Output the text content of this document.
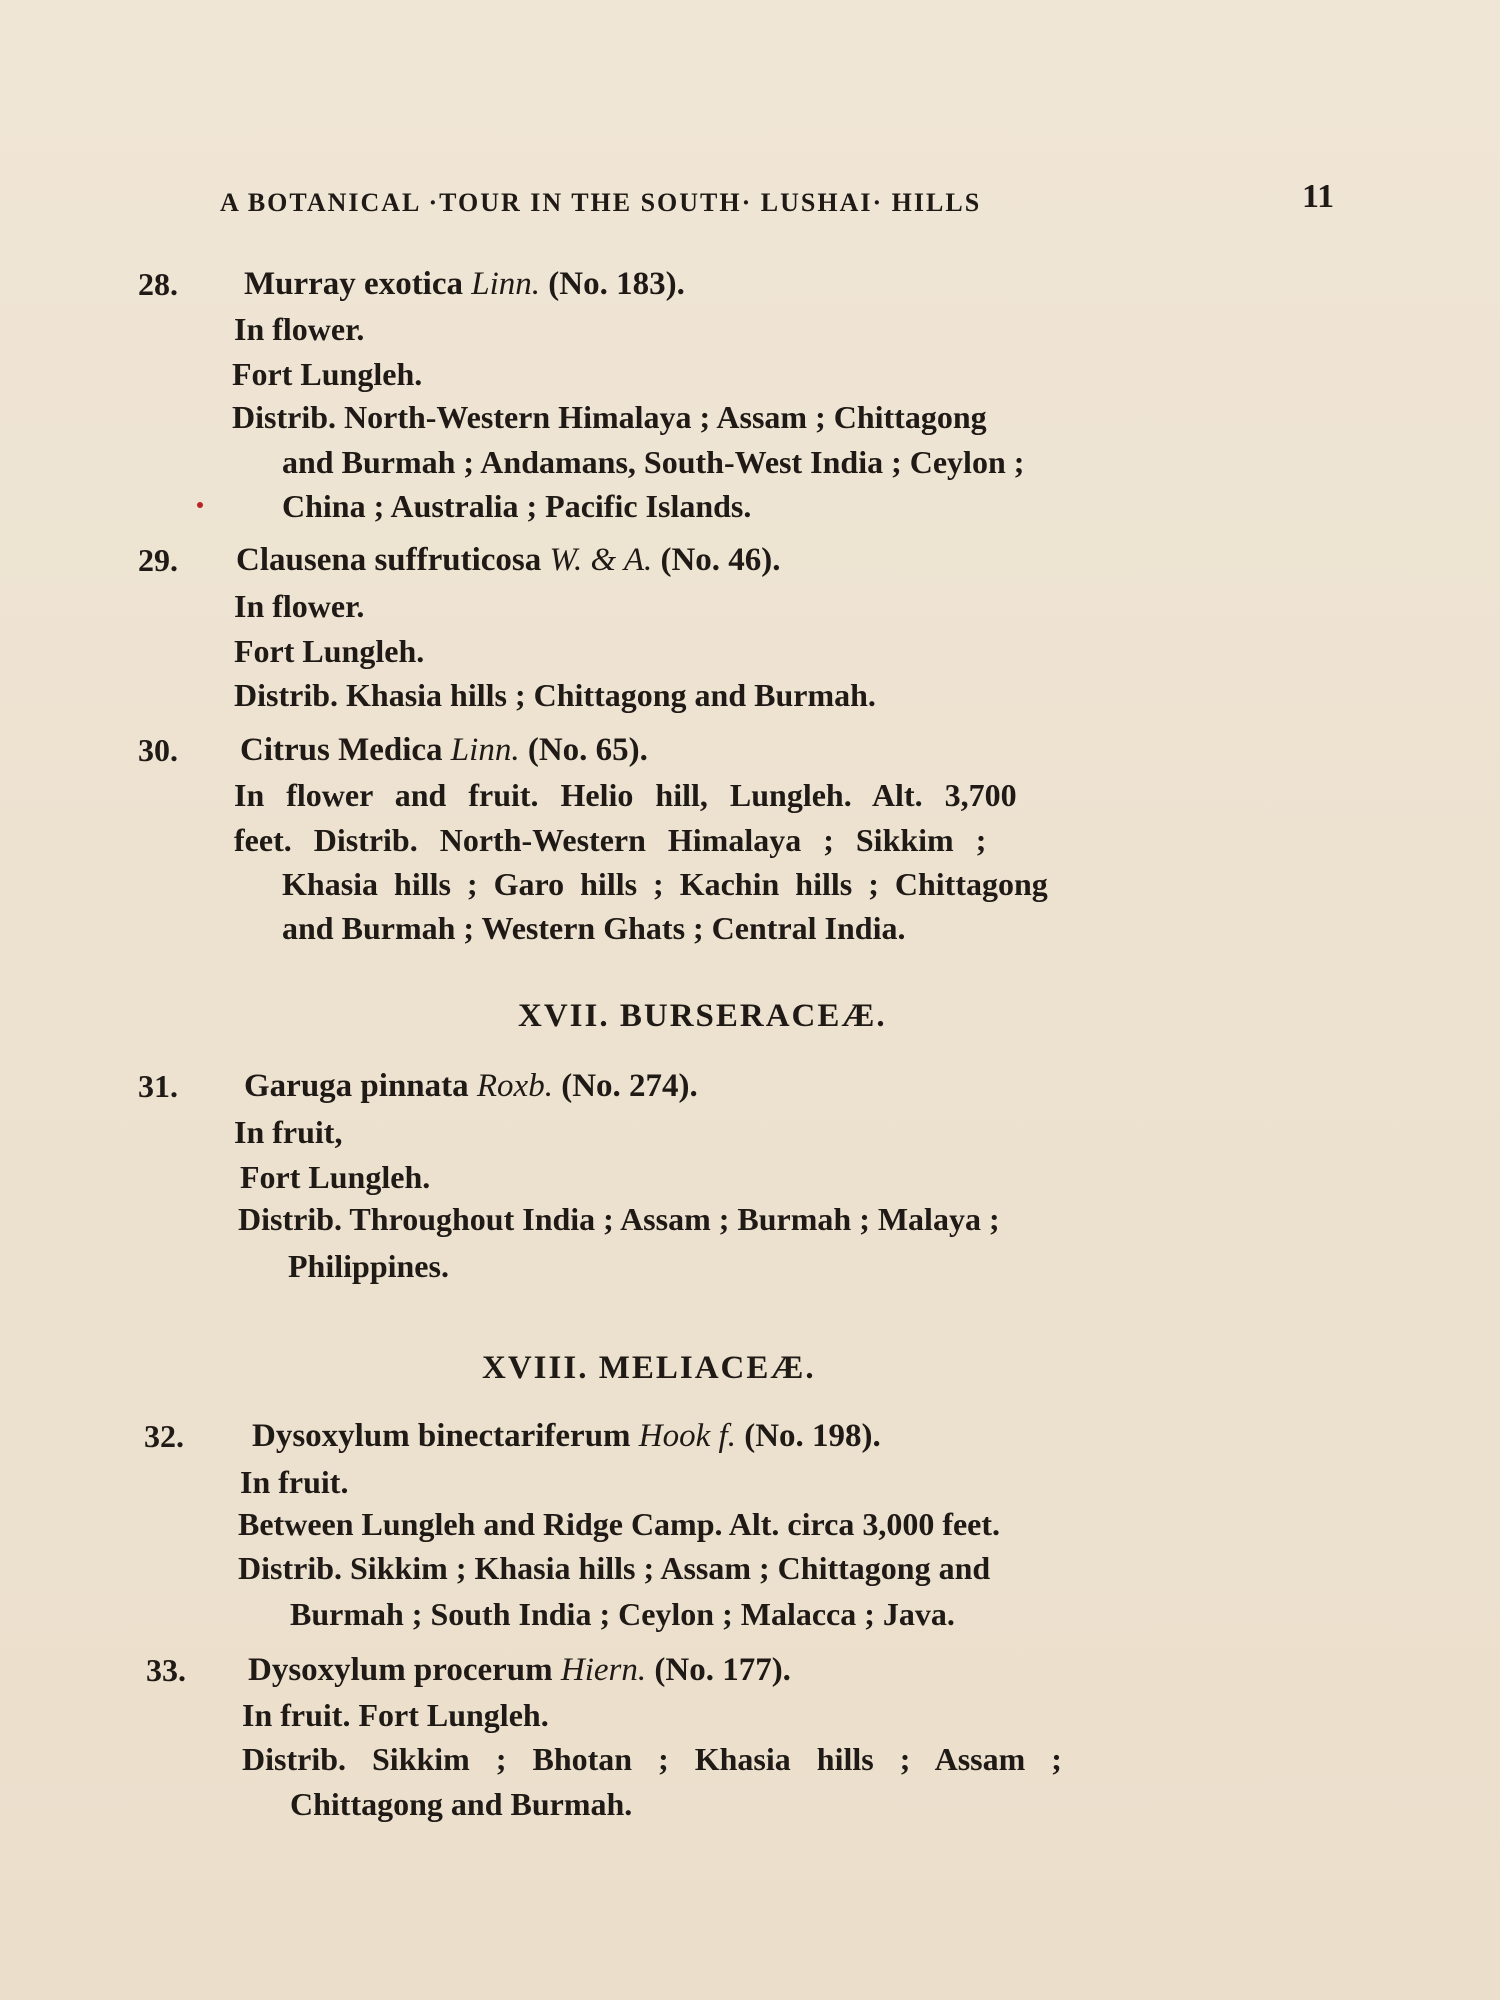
A BOTANICAL ·TOUR IN THE SOUTH· LUSHAI· HILLS	11
28. Murray exotica Linn. (No. 183).
In flower.
Fort Lungleh.
Distrib. North-Western Himalaya ; Assam ; Chittagong
and Burmah ; Andamans, South-West India ; Ceylon ;
China ; Australia ; Pacific Islands.
29. Clausena suffruticosa W. & A. (No. 46).
In flower.
Fort Lungleh.
Distrib. Khasia hills ; Chittagong and Burmah.
30. Citrus Medica Linn. (No. 65).
In flower and fruit. Helio hill, Lungleh. Alt. 3,700
feet. Distrib. North-Western Himalaya ; Sikkim ;
Khasia hills ; Garo hills ; Kachin hills ; Chittagong
and Burmah ; Western Ghats ; Central India.
XVII. BURSERACEÆ.
31. Garuga pinnata Roxb. (No. 274).
In fruit,
Fort Lungleh.
Distrib. Throughout India ; Assam ; Burmah ; Malaya ;
Philippines.
XVIII. MELIACEÆ.
32. Dysoxylum binectariferum Hook f. (No. 198).
In fruit.
Between Lungleh and Ridge Camp. Alt. circa 3,000 feet.
Distrib. Sikkim ; Khasia hills ; Assam ; Chittagong and
Burmah ; South India ; Ceylon ; Malacca ; Java.
33. Dysoxylum procerum Hiern. (No. 177).
In fruit. Fort Lungleh.
Distrib. Sikkim ; Bhotan ; Khasia hills ; Assam ;
Chittagong and Burmah.
